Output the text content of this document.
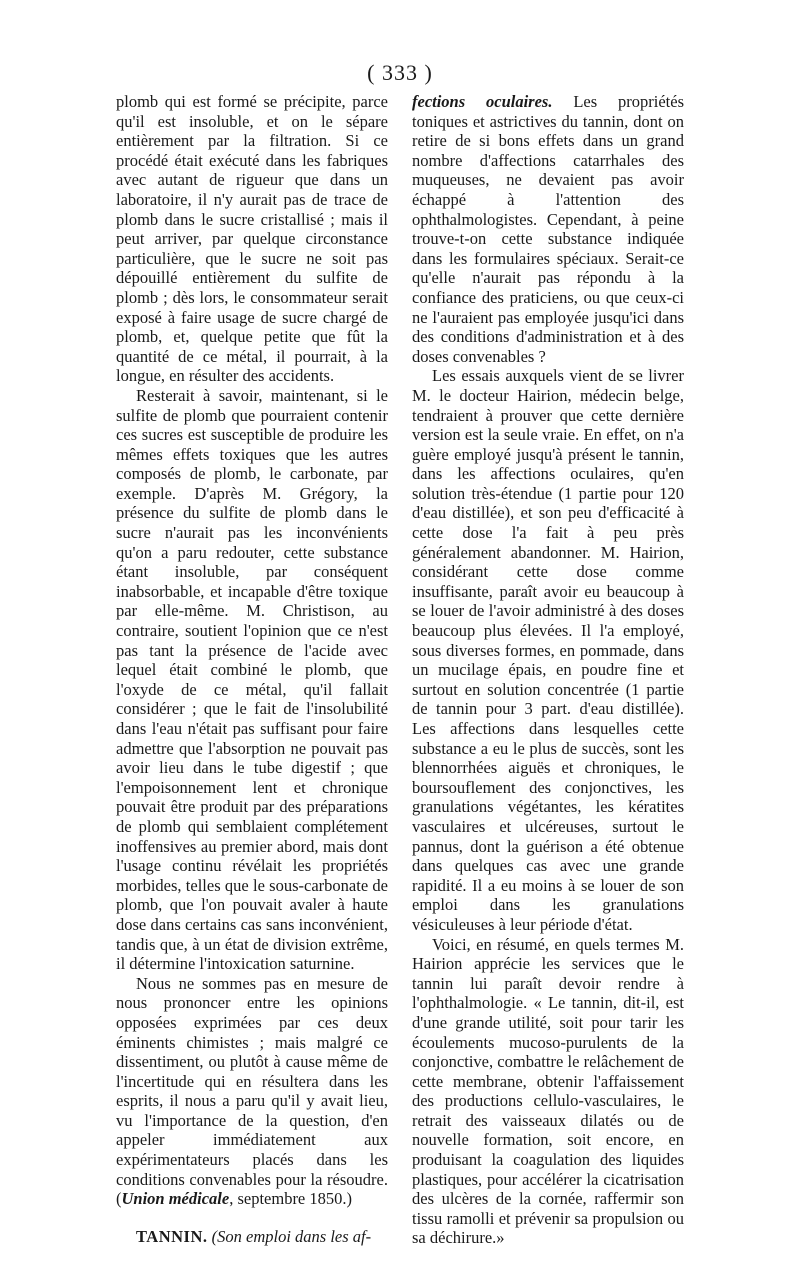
( 333 )

plomb qui est formé se précipite, parce qu'il est insoluble, et on le sépare entièrement par la filtration. Si ce procédé était exécuté dans les fabriques avec autant de rigueur que dans un laboratoire, il n'y aurait pas de trace de plomb dans le sucre cristallisé ; mais il peut arriver, par quelque circonstance particulière, que le sucre ne soit pas dépouillé entièrement du sulfite de plomb ; dès lors, le consommateur serait exposé à faire usage de sucre chargé de plomb, et, quelque petite que fût la quantité de ce métal, il pourrait, à la longue, en résulter des accidents.

Resterait à savoir, maintenant, si le sulfite de plomb que pourraient contenir ces sucres est susceptible de produire les mêmes effets toxiques que les autres composés de plomb, le carbonate, par exemple. D'après M. Grégory, la présence du sulfite de plomb dans le sucre n'aurait pas les inconvénients qu'on a paru redouter, cette substance étant insoluble, par conséquent inabsorbable, et incapable d'être toxique par elle-même. M. Christison, au contraire, soutient l'opinion que ce n'est pas tant la présence de l'acide avec lequel était combiné le plomb, que l'oxyde de ce métal, qu'il fallait considérer ; que le fait de l'insolubilité dans l'eau n'était pas suffisant pour faire admettre que l'absorption ne pouvait pas avoir lieu dans le tube digestif ; que l'empoisonnement lent et chronique pouvait être produit par des préparations de plomb qui semblaient complétement inoffensives au premier abord, mais dont l'usage continu révélait les propriétés morbides, telles que le sous-carbonate de plomb, que l'on pouvait avaler à haute dose dans certains cas sans inconvénient, tandis que, à un état de division extrême, il détermine l'intoxication saturnine.

Nous ne sommes pas en mesure de nous prononcer entre les opinions opposées exprimées par ces deux éminents chimistes ; mais malgré ce dissentiment, ou plutôt à cause même de l'incertitude qui en résultera dans les esprits, il nous a paru qu'il y avait lieu, vu l'importance de la question, d'en appeler immédiatement aux expérimentateurs placés dans les conditions convenables pour la résoudre. (Union médicale, septembre 1850.)

TANNIN. (Son emploi dans les af-

fections oculaires. Les propriétés toniques et astrictives du tannin, dont on retire de si bons effets dans un grand nombre d'affections catarrhales des muqueuses, ne devaient pas avoir échappé à l'attention des ophthalmologistes. Cependant, à peine trouve-t-on cette substance indiquée dans les formulaires spéciaux. Serait-ce qu'elle n'aurait pas répondu à la confiance des praticiens, ou que ceux-ci ne l'auraient pas employée jusqu'ici dans des conditions d'administration et à des doses convenables ?

Les essais auxquels vient de se livrer M. le docteur Hairion, médecin belge, tendraient à prouver que cette dernière version est la seule vraie. En effet, on n'a guère employé jusqu'à présent le tannin, dans les affections oculaires, qu'en solution très-étendue (1 partie pour 120 d'eau distillée), et son peu d'efficacité à cette dose l'a fait à peu près généralement abandonner. M. Hairion, considérant cette dose comme insuffisante, paraît avoir eu beaucoup à se louer de l'avoir administré à des doses beaucoup plus élevées. Il l'a employé, sous diverses formes, en pommade, dans un mucilage épais, en poudre fine et surtout en solution concentrée (1 partie de tannin pour 3 part. d'eau distillée). Les affections dans lesquelles cette substance a eu le plus de succès, sont les blennorrhées aiguës et chroniques, le boursouflement des conjonctives, les granulations végétantes, les kératites vasculaires et ulcéreuses, surtout le pannus, dont la guérison a été obtenue dans quelques cas avec une grande rapidité. Il a eu moins à se louer de son emploi dans les granulations vésiculeuses à leur période d'état.

Voici, en résumé, en quels termes M. Hairion apprécie les services que le tannin lui paraît devoir rendre à l'ophthalmologie. « Le tannin, dit-il, est d'une grande utilité, soit pour tarir les écoulements mucoso-purulents de la conjonctive, combattre le relâchement de cette membrane, obtenir l'affaissement des productions cellulo-vasculaires, le retrait des vaisseaux dilatés ou de nouvelle formation, soit encore, en produisant la coagulation des liquides plastiques, pour accélérer la cicatrisation des ulcères de la cornée, raffermir son tissu ramolli et prévenir sa propulsion ou sa déchirure.»
